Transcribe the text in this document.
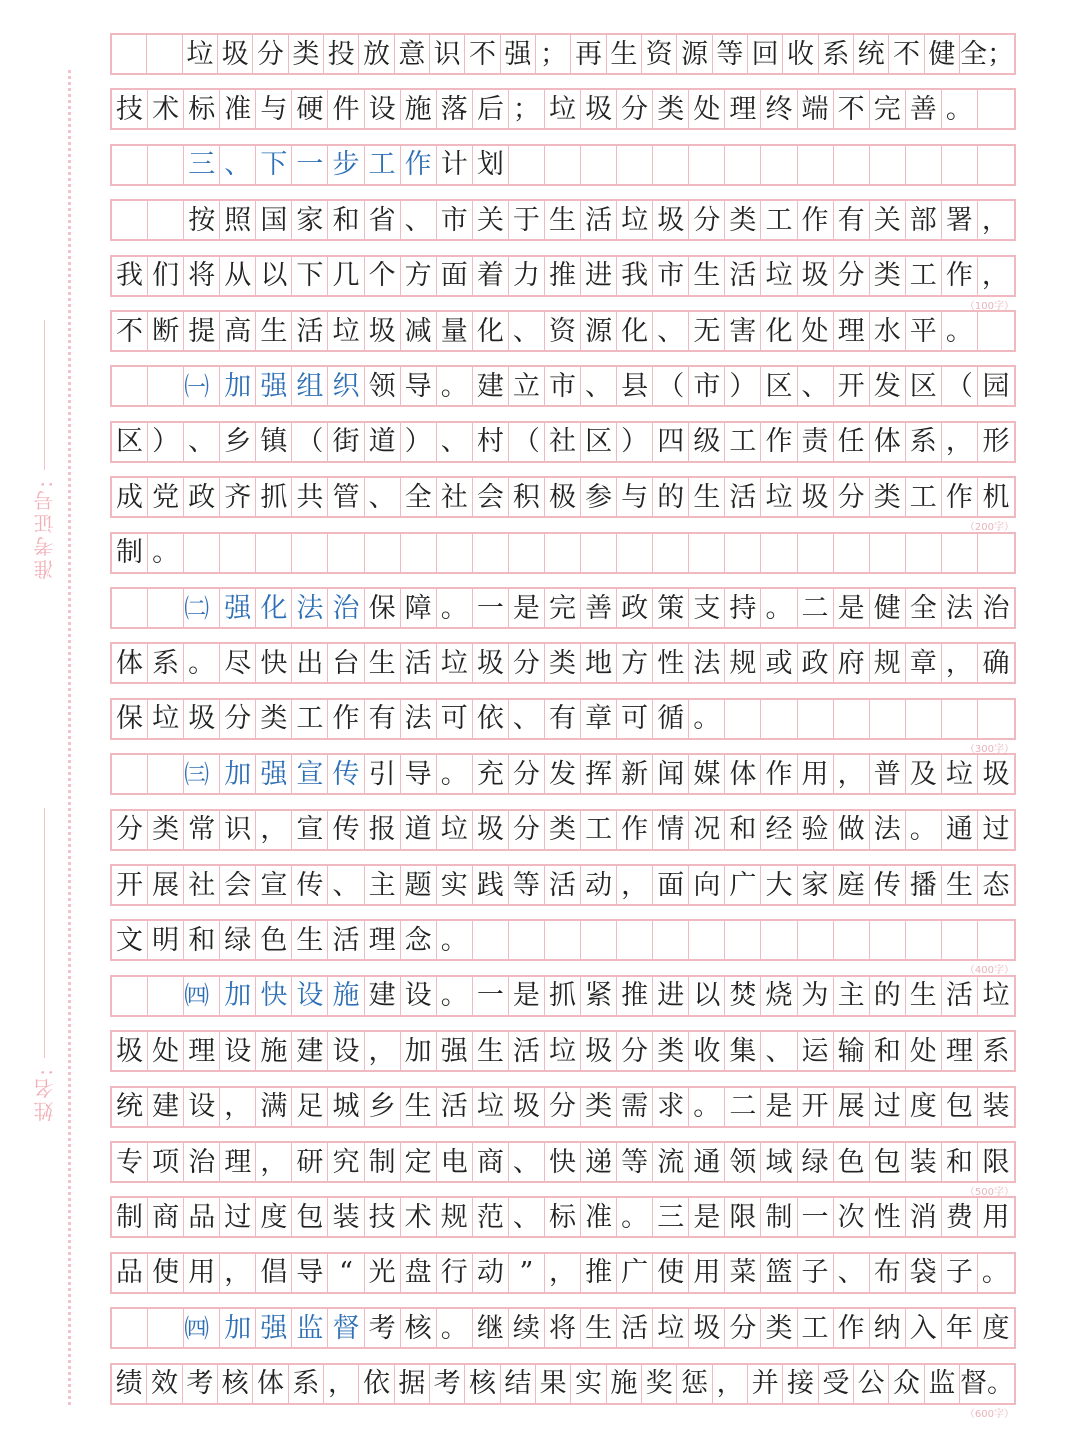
准考证号:
姓名:
垃 圾 分 类 投 放 意 识 不 强 ； 再 生 资 源 等 回 收 系 统 不 健 全；
技 术 标 准 与 硬 件 设 施 落 后 ； 垃 圾 分 类 处 理 终 端 不 完 善 。
三 、 下 一 步 工 作 计 划
按 照 国 家 和 省 、 市 关 于 生 活 垃 圾 分 类 工 作 有 关 部 署 ，
我 们 将 从 以 下 几 个 方 面 着 力 推 进 我 市 生 活 垃 圾 分 类 工 作 ，
不 断 提 高 生 活 垃 圾 减 量 化 、 资 源 化 、 无 害 化 处 理 水 平 。
㈠ 加 强 组 织 领 导 。 建 立 市 、 县 （ 市 ） 区 、 开 发 区 （ 园
区 ） 、 乡 镇 （ 街 道 ） 、 村 （ 社 区 ） 四 级 工 作 责 任 体 系 ， 形
成 党 政 齐 抓 共 管 、 全 社 会 积 极 参 与 的 生 活 垃 圾 分 类 工 作 机
制 。
㈡ 强 化 法 治 保 障 。 一 是 完 善 政 策 支 持 。 二 是 健 全 法 治
体 系 。 尽 快 出 台 生 活 垃 圾 分 类 地 方 性 法 规 或 政 府 规 章 ， 确
保 垃 圾 分 类 工 作 有 法 可 依 、 有 章 可 循 。
㈢ 加 强 宣 传 引 导 。 充 分 发 挥 新 闻 媒 体 作 用 ， 普 及 垃 圾
分 类 常 识 ， 宣 传 报 道 垃 圾 分 类 工 作 情 况 和 经 验 做 法 。 通 过
开 展 社 会 宣 传 、 主 题 实 践 等 活 动 ， 面 向 广 大 家 庭 传 播 生 态
文 明 和 绿 色 生 活 理 念 。
㈣ 加 快 设 施 建 设 。 一 是 抓 紧 推 进 以 焚 烧 为 主 的 生 活 垃
圾 处 理 设 施 建 设 ， 加 强 生 活 垃 圾 分 类 收 集 、 运 输 和 处 理 系
统 建 设 ， 满 足 城 乡 生 活 垃 圾 分 类 需 求 。 二 是 开 展 过 度 包 装
专 项 治 理 ， 研 究 制 定 电 商 、 快 递 等 流 通 领 域 绿 色 包 装 和 限
制 商 品 过 度 包 装 技 术 规 范 、 标 准 。 三 是 限 制 一 次 性 消 费 用
品 使 用 ， 倡 导 “ 光 盘 行 动 ” ， 推 广 使 用 菜 篮 子 、 布 袋 子 。
㈣ 加 强 监 督 考 核 。 继 续 将 生 活 垃 圾 分 类 工 作 纳 入 年 度
绩 效 考 核 体 系 ， 依 据 考 核 结 果 实 施 奖 惩 ， 并 接 受 公 众 监 督。
（100字）
（200字）
（300字）
（400字）
（500字）
（600字）
